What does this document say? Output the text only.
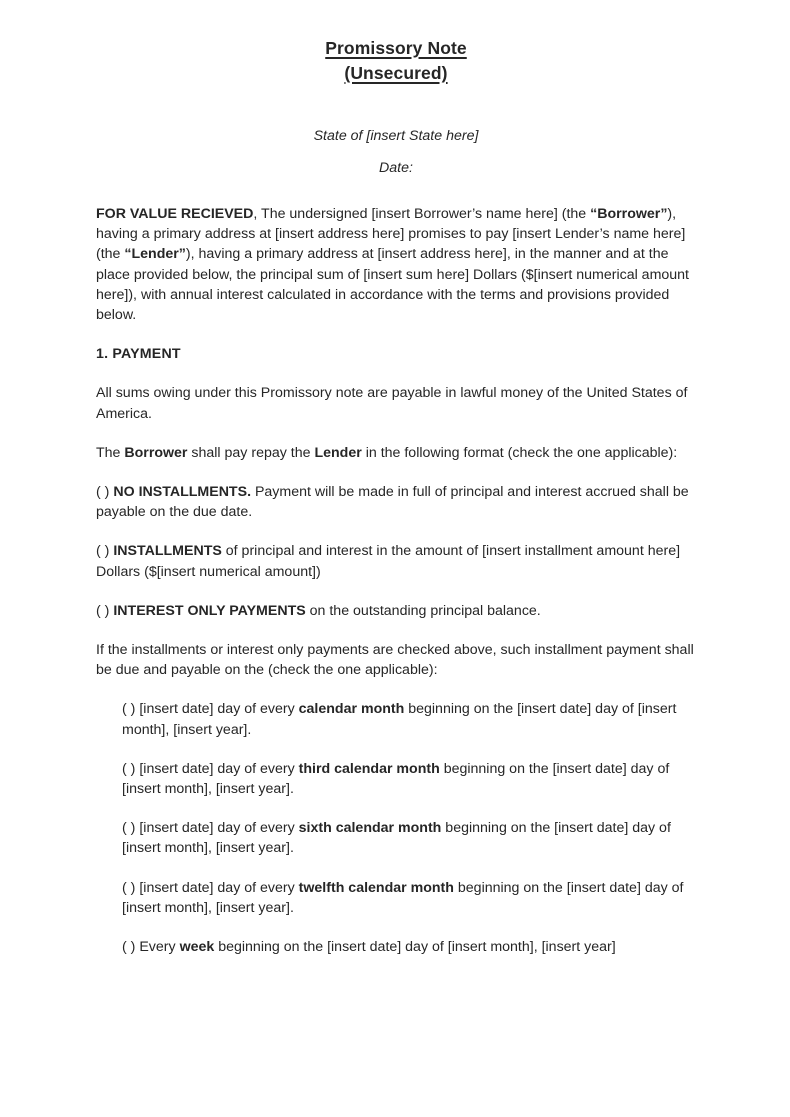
Promissory Note
(Unsecured)

State of [insert State here]

Date:

FOR VALUE RECIEVED, The undersigned [insert Borrower’s name here] (the “Borrower”), having a primary address at [insert address here] promises to pay [insert Lender’s name here] (the “Lender”), having a primary address at [insert address here], in the manner and at the place provided below, the principal sum of [insert sum here] Dollars ($[insert numerical amount here]), with annual interest calculated in accordance with the terms and provisions provided below.

1. PAYMENT

All sums owing under this Promissory note are payable in lawful money of the United States of America.

The Borrower shall pay repay the Lender in the following format (check the one applicable):

( ) NO INSTALLMENTS. Payment will be made in full of principal and interest accrued shall be payable on the due date.

( ) INSTALLMENTS of principal and interest in the amount of [insert installment amount here] Dollars ($[insert numerical amount])

( ) INTEREST ONLY PAYMENTS on the outstanding principal balance.

If the installments or interest only payments are checked above, such installment payment shall be due and payable on the (check the one applicable):

( ) [insert date] day of every calendar month beginning on the [insert date] day of [insert month], [insert year].

( ) [insert date] day of every third calendar month beginning on the [insert date] day of [insert month], [insert year].

( ) [insert date] day of every sixth calendar month beginning on the [insert date] day of [insert month], [insert year].

( ) [insert date] day of every twelfth calendar month beginning on the [insert date] day of [insert month], [insert year].

( ) Every week beginning on the [insert date] day of [insert month], [insert year]
